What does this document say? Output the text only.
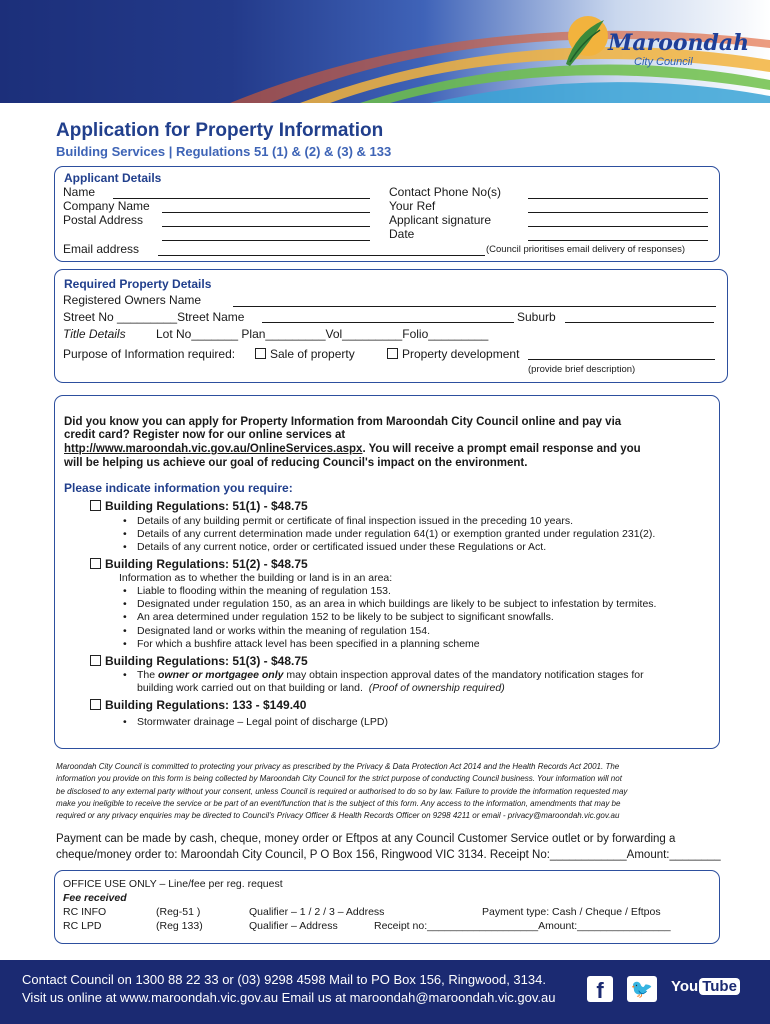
Maroondah
City Council
Application for Property Information
Building Services | Regulations 51 (1) & (2) & (3) & 133
Applicant Details
Name
Company Name
Postal Address
Email address	(Council prioritises email delivery of responses)
Contact Phone No(s)
Your Ref
Applicant signature
Date
Required Property Details
Registered Owners Name
Street No _________Street Name	Suburb
Title Details	Lot No_______ Plan_________Vol_________Folio_________
Purpose of Information required:	Sale of property	Property development
(provide brief description)
Did you know you can apply for Property Information from Maroondah City Council online and pay via
credit card? Register now for our online services at
http://www.maroondah.vic.gov.au/OnlineServices.aspx. You will receive a prompt email response and you
will be helping us achieve our goal of reducing Council's impact on the environment.
Please indicate information you require:
Building Regulations: 51(1) - $48.75
• Details of any building permit or certificate of final inspection issued in the preceding 10 years.
• Details of any current determination made under regulation 64(1) or exemption granted under regulation 231(2).
• Details of any current notice, order or certificated issued under these Regulations or Act.
Building Regulations: 51(2) - $48.75
Information as to whether the building or land is in an area:
• Liable to flooding within the meaning of regulation 153.
• Designated under regulation 150, as an area in which buildings are likely to be subject to infestation by termites.
• An area determined under regulation 152 to be likely to be subject to significant snowfalls.
• Designated land or works within the meaning of regulation 154.
• For which a bushfire attack level has been specified in a planning scheme
Building Regulations: 51(3) - $48.75
• The owner or mortgagee only may obtain inspection approval dates of the mandatory notification stages for
building work carried out on that building or land. (Proof of ownership required)
Building Regulations: 133 - $149.40
• Stormwater drainage – Legal point of discharge (LPD)
Maroondah City Council is committed to protecting your privacy as prescribed by the Privacy & Data Protection Act 2014 and the Health Records Act 2001. The
information you provide on this form is being collected by Maroondah City Council for the strict purpose of conducting Council business. Your information will not
be disclosed to any external party without your consent, unless Council is required or authorised to do so by law. Failure to provide the information requested may
make you ineligible to receive the service or be part of an event/function that is the subject of this form. Any access to the information, amendments that may be
required or any privacy enquiries may be directed to Council's Privacy Officer & Health Records Officer on 9298 4211 or email - privacy@maroondah.vic.gov.au
Payment can be made by cash, cheque, money order or Eftpos at any Council Customer Service outlet or by forwarding a
cheque/money order to: Maroondah City Council, P O Box 156, Ringwood VIC 3134. Receipt No:____________Amount:________
OFFICE USE ONLY – Line/fee per reg. request
Fee received
RC INFO	(Reg-51 )	Qualifier – 1 / 2 / 3 – Address	Payment type: Cash / Cheque / Eftpos
RC LPD	(Reg 133)	Qualifier – Address	Receipt no:___________________Amount:________________
Contact Council on 1300 88 22 33 or (03) 9298 4598 Mail to PO Box 156, Ringwood, 3134.
Visit us online at www.maroondah.vic.gov.au Email us at maroondah@maroondah.vic.gov.au	f	🐦 You Tube
